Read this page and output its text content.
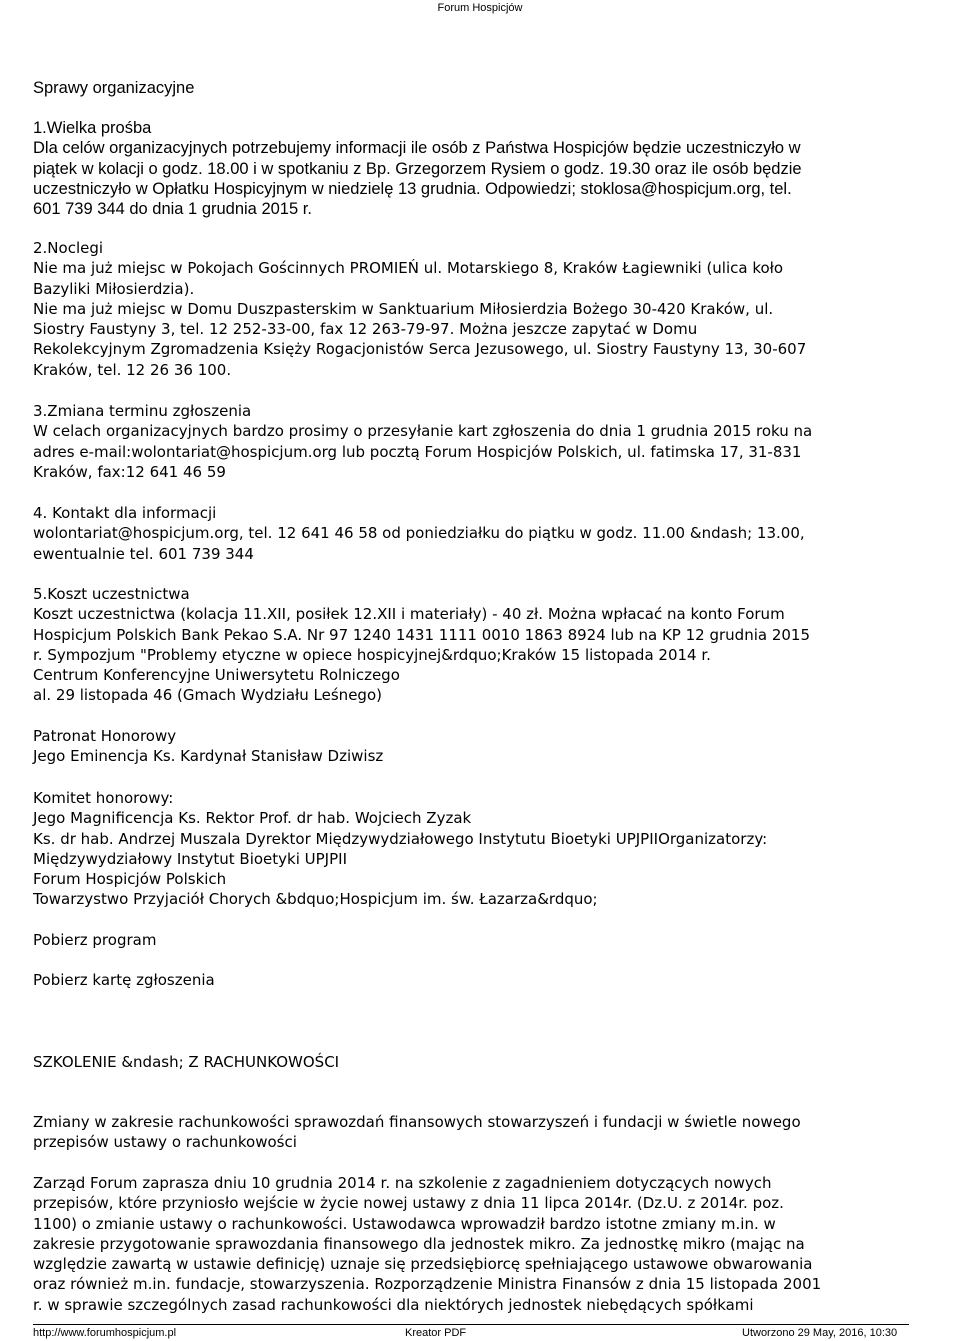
Forum Hospicjów
Sprawy organizacyjne
1.Wielka prośba
Dla celów organizacyjnych potrzebujemy informacji ile osób z Państwa Hospicjów będzie uczestniczyło w
piątek w kolacji o godz. 18.00 i w spotkaniu z Bp. Grzegorzem Rysiem o godz. 19.30 oraz ile osób będzie
uczestniczyło w Opłatku Hospicyjnym w niedzielę 13 grudnia. Odpowiedzi; stoklosa@hospicjum.org, tel.
601 739 344 do dnia 1 grudnia 2015 r.
2.Noclegi
Nie ma już miejsc w Pokojach Gościnnych PROMIEŃ ul. Motarskiego 8, Kraków Łagiewniki (ulica koło
Bazyliki Miłosierdzia).
Nie ma już miejsc w Domu Duszpasterskim w Sanktuarium Miłosierdzia Bożego 30-420 Kraków, ul.
Siostry Faustyny 3, tel. 12 252-33-00, fax 12 263-79-97. Można jeszcze zapytać w Domu
Rekolekcyjnym Zgromadzenia Księży Rogacjonistów Serca Jezusowego, ul. Siostry Faustyny 13, 30-607
Kraków, tel. 12 26 36 100.
3.Zmiana terminu zgłoszenia
W celach organizacyjnych bardzo prosimy o przesyłanie kart zgłoszenia do dnia 1 grudnia 2015 roku na
adres e-mail:wolontariat@hospicjum.org lub pocztą Forum Hospicjów Polskich, ul. fatimska 17, 31-831
Kraków, fax:12 641 46 59
4. Kontakt dla informacji
wolontariat@hospicjum.org, tel. 12 641 46 58 od poniedziałku do piątku w godz. 11.00 &ndash; 13.00,
ewentualnie tel. 601 739 344
5.Koszt uczestnictwa
Koszt uczestnictwa (kolacja 11.XII, posiłek 12.XII i materiały) - 40 zł. Można wpłacać na konto Forum
Hospicjum Polskich Bank Pekao S.A. Nr 97 1240 1431 1111 0010 1863 8924 lub na KP 12 grudnia 2015
r. Sympozjum "Problemy etyczne w opiece hospicyjnej&rdquo;Kraków 15 listopada 2014 r.
Centrum Konferencyjne Uniwersytetu Rolniczego
al. 29 listopada 46 (Gmach Wydziału Leśnego)
Patronat Honorowy
Jego Eminencja Ks. Kardynał Stanisław Dziwisz
Komitet honorowy:
Jego Magnificencja Ks. Rektor Prof. dr hab. Wojciech Zyzak
Ks. dr hab. Andrzej Muszala Dyrektor Międzywydziałowego Instytutu Bioetyki UPJPIIOrganizatorzy:
Międzywydziałowy Instytut Bioetyki UPJPII
Forum Hospicjów Polskich
Towarzystwo Przyjaciół Chorych &bdquo;Hospicjum im. św. Łazarza&rdquo;
Pobierz program
Pobierz kartę zgłoszenia
SZKOLENIE &ndash; Z RACHUNKOWOŚCI
Zmiany w zakresie rachunkowości sprawozdań finansowych stowarzyszeń i fundacji w świetle nowego
przepisów ustawy o rachunkowości
Zarząd Forum zaprasza dniu 10 grudnia 2014 r. na szkolenie z zagadnieniem dotyczących nowych
przepisów, które przyniosło wejście w życie nowej ustawy z dnia 11 lipca 2014r. (Dz.U. z 2014r. poz.
1100) o zmianie ustawy o rachunkowości. Ustawodawca wprowadził bardzo istotne zmiany m.in. w
zakresie przygotowanie sprawozdania finansowego dla jednostek mikro. Za jednostkę mikro (mając na
względzie zawartą w ustawie definicję) uznaje się przedsiębiorcę spełniającego ustawowe obwarowania
oraz również m.in. fundacje, stowarzyszenia. Rozporządzenie Ministra Finansów z dnia 15 listopada 2001
r. w sprawie szczególnych zasad rachunkowości dla niektórych jednostek niebędących spółkami
http://www.forumhospicjum.pl	Kreator PDF	Utworzono 29 May, 2016, 10:30
